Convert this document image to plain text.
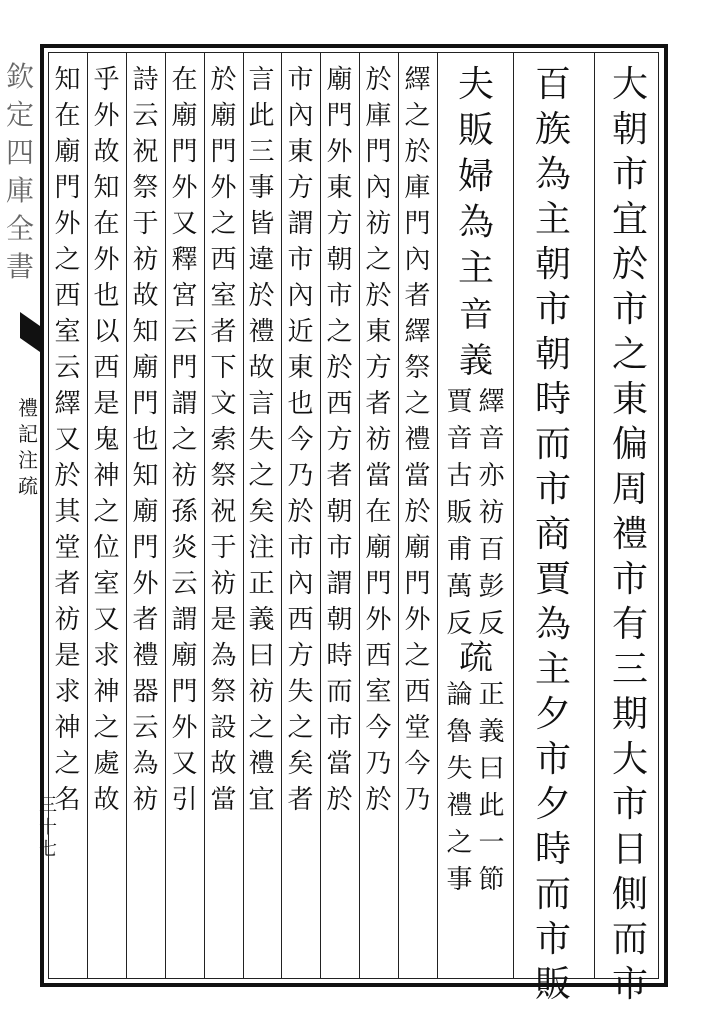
欽
定
四
庫
全
書
禮
記
注
疏
三
十
七
大
朝
市
宜
於
市
之
東
偏
周
禮
市
有
三
期
大
市
日
側
而
市
百
族
為
主
朝
市
朝
時
而
市
商
賈
為
主
夕
市
夕
時
而
市
販
夫
販
婦
為
主
音
義
疏
繹
賈
音
音
亦
古
祊
販
百
甫
彭
萬
反
反
正
論
義
魯
曰
失
此
禮
一
之
節
事
繹
之
於
庫
門
內
者
繹
祭
之
禮
當
於
廟
門
外
之
西
堂
今
乃
於
庫
門
內
祊
之
於
東
方
者
祊
當
在
廟
門
外
西
室
今
乃
於
廟
門
外
東
方
朝
市
之
於
西
方
者
朝
市
謂
朝
時
而
市
當
於
市
內
東
方
謂
市
內
近
東
也
今
乃
於
市
內
西
方
失
之
矣
者
言
此
三
事
皆
違
於
禮
故
言
失
之
矣
注
正
義
曰
祊
之
禮
宜
於
廟
門
外
之
西
室
者
下
文
索
祭
祝
于
祊
是
為
祭
設
故
當
在
廟
門
外
又
釋
宮
云
門
謂
之
祊
孫
炎
云
謂
廟
門
外
又
引
詩
云
祝
祭
于
祊
故
知
廟
門
也
知
廟
門
外
者
禮
器
云
為
祊
乎
外
故
知
在
外
也
以
西
是
鬼
神
之
位
室
又
求
神
之
處
故
知
在
廟
門
外
之
西
室
云
繹
又
於
其
堂
者
祊
是
求
神
之
名
